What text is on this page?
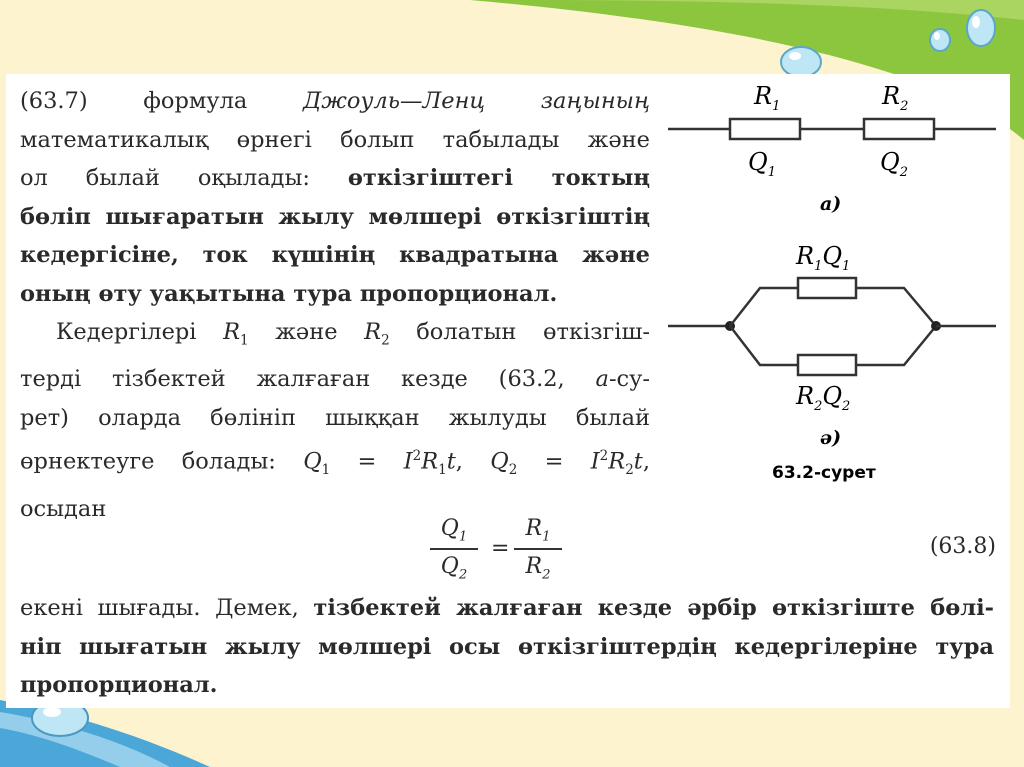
(63.7) формула Джоуль—Ленц заңының

математикалық өрнегі болып табылады және

ол былай оқылады: өткізгіштегі токтың

бөліп шығаратын жылу мөлшері өткізгіштің

кедергісіне, ток күшінің квадратына және

оның өту уақытына тура пропорционал.

Кедергілері $R_1$ және $R_2$ болатын өткізгіш-

терді тізбектей жалғаған кезде (63.2, а-су-

рет) оларда бөлініп шыққан жылуды былай

өрнектеуге болады: $Q_1 = I^2R_1t$, $Q_2 = I^2R_2t$,

осыдан

$R_1$	$R_2$
$Q_1$	$Q_2$
а)
$R_1Q_1$
$R_2Q_2$
ә)
63.2-сурет
$Q_1$
$Q_2$
=
$R_1$
$R_2$
(63.8)

екені шығады. Демек, тізбектей жалғаған кезде әрбір өткізгіште бөлі-

ніп шығатын жылу мөлшері осы өткізгіштердің кедергілеріне тура

пропорционал.
